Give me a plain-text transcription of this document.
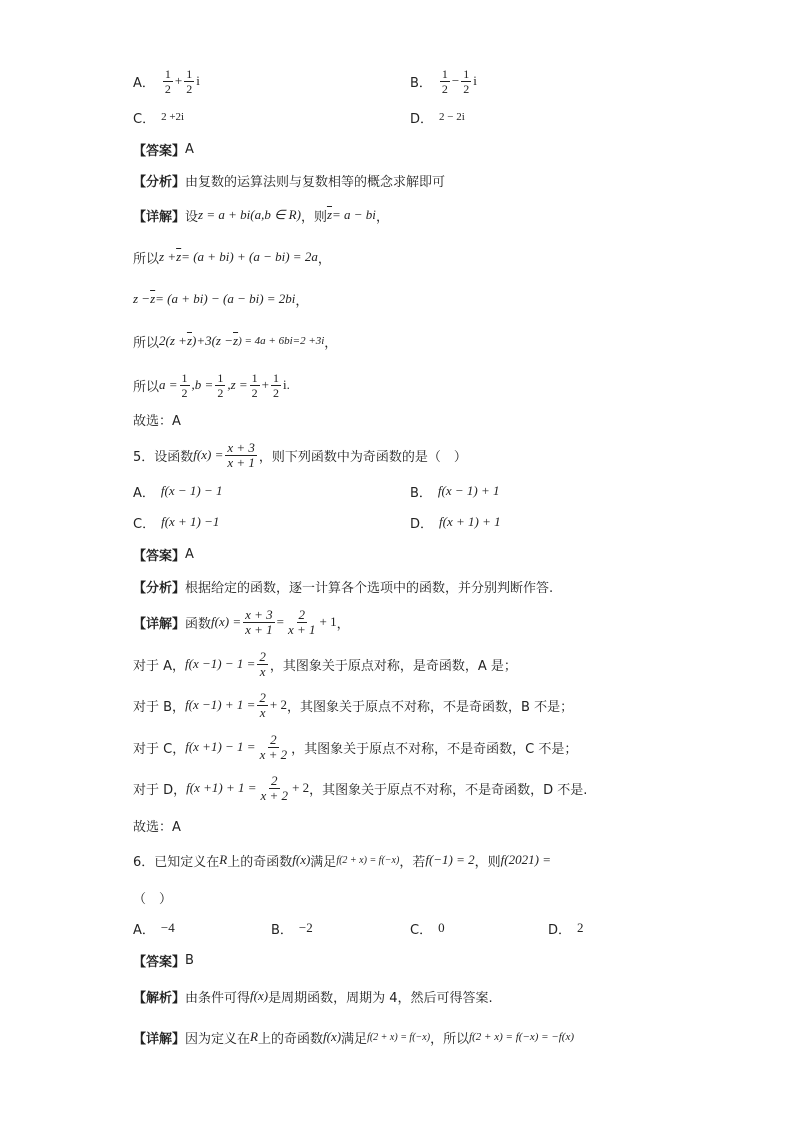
A． $\frac{1}{2} + \frac{1}{2}$ i	B． $\frac{1}{2} - \frac{1}{2}$ i
C． 2 +2i	D． 2 − 2i
【答案】 A
【分析】 由复数的运算法则与复数相等的概念求解即可
【详解】 设 z = a + bi (a,b ∈ R) ，则 $\overline{z} = a$ − bi ，
所以 $z + \overline{z} = (a + bi) + (a - bi) = 2a$ ，
$z - \overline{z} = (a + bi) - (a - bi) = 2bi$ ，
所以 $2(z + \overline{z}$ )$+3(z - \overline{z}$ ) = 4a + 6bi=2 +3i ，
所以 $a = \frac{1}{2} ,b = \frac{1}{2} ,z = \frac{1}{2} + \frac{1}{2} i$.
故选：A
5．设函数 $f(x) = \frac{x + 3}{x + 1}$ ，则下列函数中为奇函数的是（　）
A． f(x − 1) − 1	B． f(x − 1) + 1
C． f(x + 1) −1	D． f(x + 1) + 1
【答案】 A
【分析】 根据给定的函数，逐一计算各个选项中的函数，并分别判断作答.
【详解】 函数 $f(x) = \frac{x + 3}{x + 1} = \frac{2}{x + 1} + 1$ ，
对于 A， $f(x -1) - 1 = \frac{2}{x}$ ，其图象关于原点对称，是奇函数，A 是；
对于 B， $f(x -1) + 1 = \frac{2}{x} + 2$ ，其图象关于原点不对称，不是奇函数，B 不是；
对于 C， $f(x +1) - 1 = \frac{2}{x + 2}$ ，其图象关于原点不对称，不是奇函数，C 不是；
对于 D， $f(x +1) + 1 = \frac{2}{x + 2} + 2$ ，其图象关于原点不对称，不是奇函数，D 不是.
故选：A
6．已知定义在 R 上的奇函数 f(x) 满足 f(2 + x) = f(−x) ，若 f(−1) = 2 ，则 f(2021) =
（　）
A． −4	B． −2	C． 0	D． 2
【答案】 B
【解析】 由条件可得 f(x) 是周期函数，周期为 4，然后可得答案.
【详解】 因为定义在 R 上的奇函数 f(x) 满足 f(2 + x) = f(−x) ，所以 f(2 + x) = f(−x) = −f(x)
